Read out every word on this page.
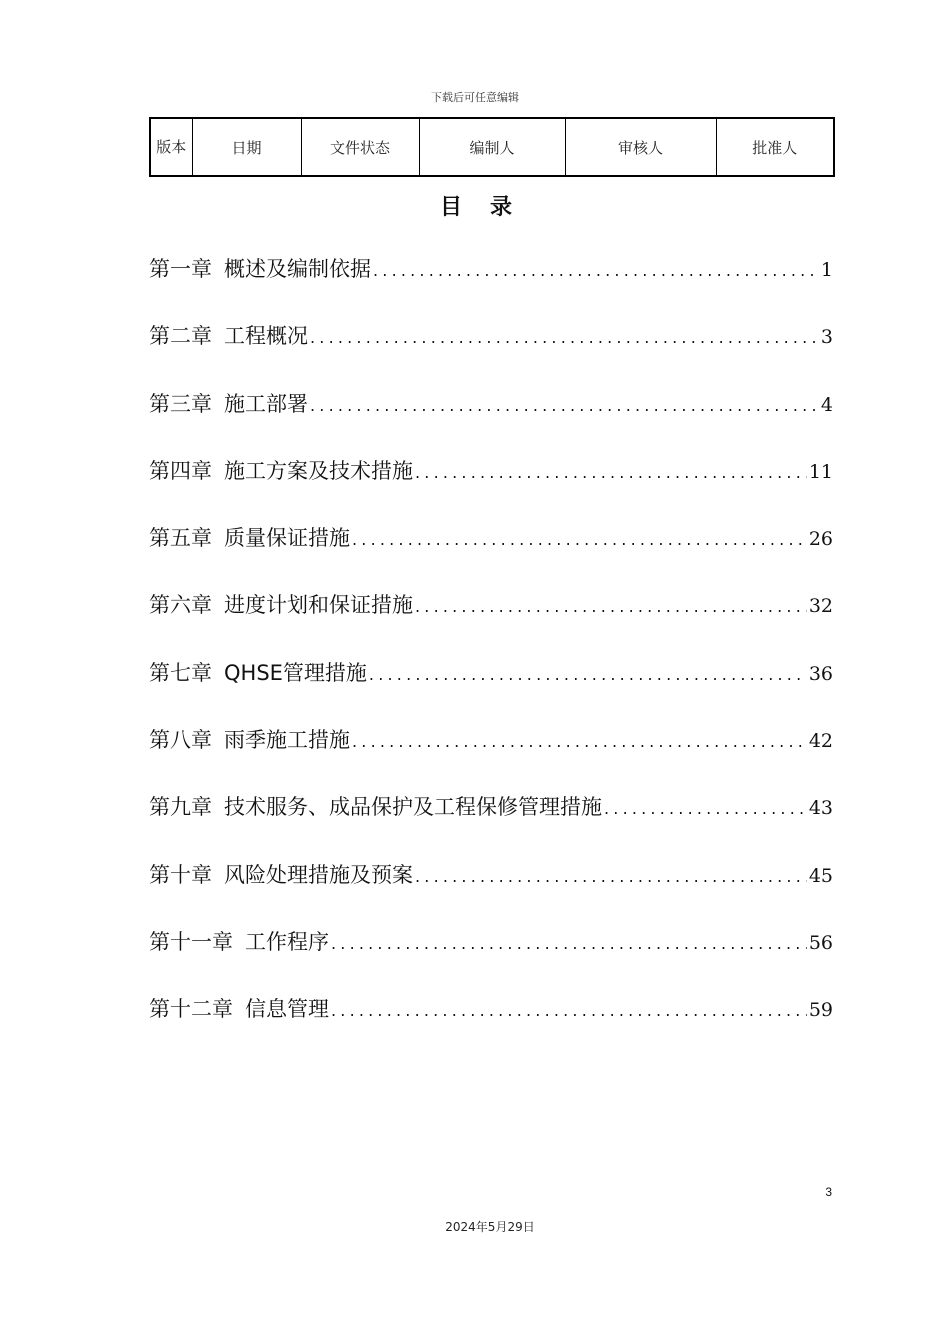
下载后可任意编辑
版本	日期	文件状态	编制人	审核人	批准人
目录
第一章 概述及编制依据 .....	1
第二章 工程概况 .....	3
第三章 施工部署 .....	4
第四章 施工方案及技术措施 .....	11
第五章 质量保证措施 .....	26
第六章 进度计划和保证措施 .....	32
第七章 QHSE管理措施 .....	36
第八章 雨季施工措施 .....	42
第九章 技术服务、成品保护及工程保修管理措施 .....	43
第十章 风险处理措施及预案 .....	45
第十一章 工作程序 .....	56
第十二章 信息管理 .....	59
3
2024年5月29日
